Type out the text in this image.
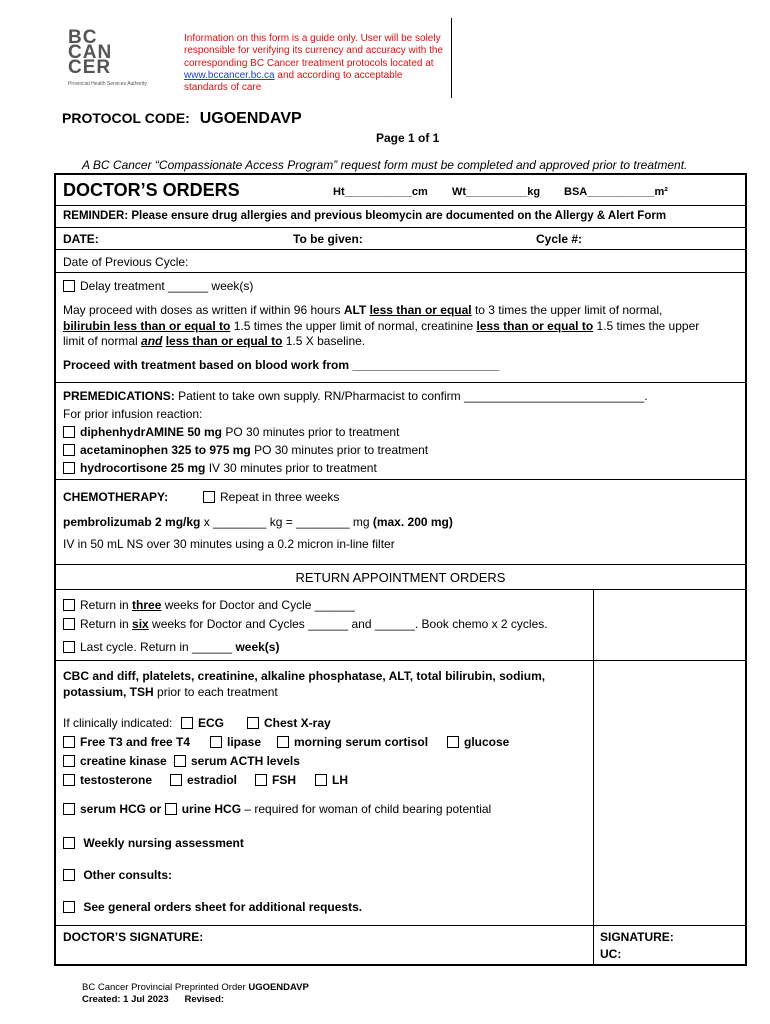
BC
CAN
CER
Provincial Health Services Authority
Information on this form is a guide only. User will be solely responsible for verifying its currency and accuracy with the corresponding BC Cancer treatment protocols located at www.bccancer.bc.ca and according to acceptable standards of care
PROTOCOL CODE: UGOENDAVP
Page 1 of 1
A BC Cancer “Compassionate Access Program” request form must be completed and approved prior to treatment.
DOCTOR’S ORDERS	Ht___________cm Wt__________kg BSA___________m²
REMINDER: Please ensure drug allergies and previous bleomycin are documented on the Allergy & Alert Form
DATE:	To be given:	Cycle #:
Date of Previous Cycle:
Delay treatment ______ week(s)
May proceed with doses as written if within 96 hours ALT less than or equal to 3 times the upper limit of normal,
bilirubin less than or equal to 1.5 times the upper limit of normal, creatinine less than or equal to 1.5 times the upper
limit of normal and less than or equal to 1.5 X baseline.
Proceed with treatment based on blood work from ______________________
PREMEDICATIONS: Patient to take own supply. RN/Pharmacist to confirm ___________________________.
For prior infusion reaction:
diphenhydrAMINE 50 mg PO 30 minutes prior to treatment
acetaminophen 325 to 975 mg PO 30 minutes prior to treatment
hydrocortisone 25 mg IV 30 minutes prior to treatment
CHEMOTHERAPY:	Repeat in three weeks
pembrolizumab 2 mg/kg x ________ kg = ________ mg (max. 200 mg)
IV in 50 mL NS over 30 minutes using a 0.2 micron in-line filter
RETURN APPOINTMENT ORDERS
Return in three weeks for Doctor and Cycle ______
Return in six weeks for Doctor and Cycles ______ and ______. Book chemo x 2 cycles.
Last cycle. Return in ______ week(s)
CBC and diff, platelets, creatinine, alkaline phosphatase, ALT, total bilirubin, sodium,
potassium, TSH prior to each treatment
If clinically indicated:	ECG	Chest X-ray
Free T3 and free T4	lipase	morning serum cortisol	glucose
creatine kinase	serum ACTH levels
testosterone	estradiol	FSH	LH
serum HCG or urine HCG – required for woman of child bearing potential
Weekly nursing assessment
Other consults:
See general orders sheet for additional requests.
DOCTOR’S SIGNATURE:	SIGNATURE:
UC:
BC Cancer Provincial Preprinted Order UGOENDAVP
Created: 1 Jul 2023 Revised:
